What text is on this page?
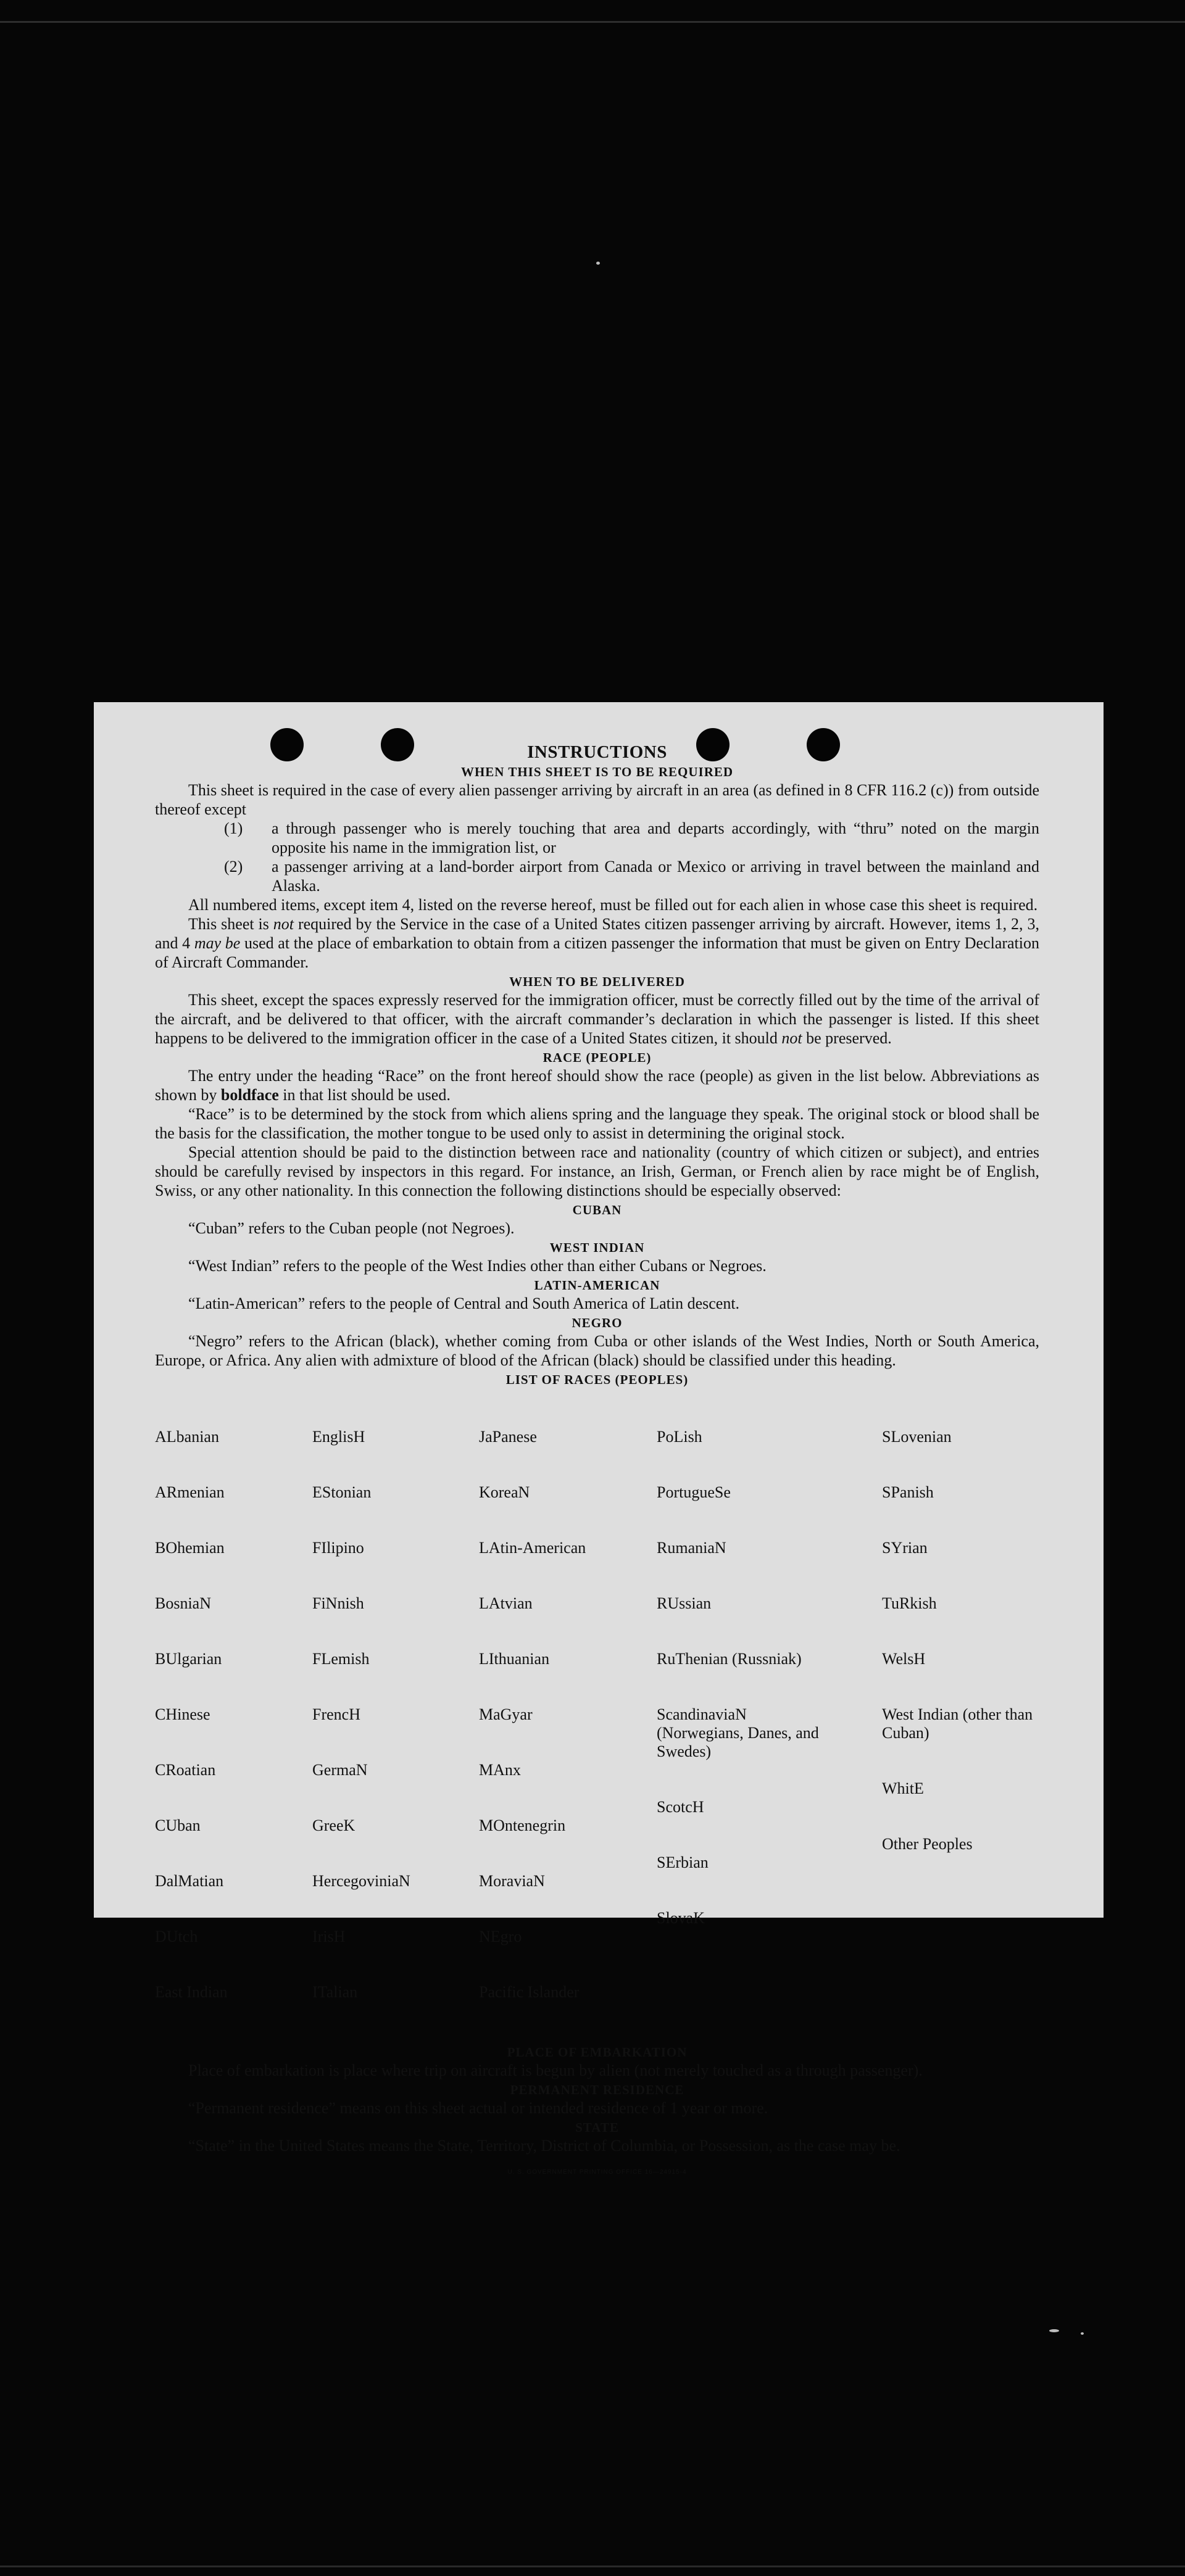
INSTRUCTIONS
WHEN THIS SHEET IS TO BE REQUIRED

This sheet is required in the case of every alien passenger arriving by aircraft in an area (as defined in 8 CFR 116.2 (c)) from outside thereof except

(1) a through passenger who is merely touching that area and departs accordingly, with “thru” noted on the margin opposite his name in the immigration list, or
(2) a passenger arriving at a land-border airport from Canada or Mexico or arriving in travel between the mainland and Alaska.

All numbered items, except item 4, listed on the reverse hereof, must be filled out for each alien in whose case this sheet is required.

This sheet is not required by the Service in the case of a United States citizen passenger arriving by aircraft. However, items 1, 2, 3, and 4 may be used at the place of embarkation to obtain from a citizen passenger the information that must be given on Entry Declaration of Aircraft Commander.

WHEN TO BE DELIVERED

This sheet, except the spaces expressly reserved for the immigration officer, must be correctly filled out by the time of the arrival of the aircraft, and be delivered to that officer, with the aircraft commander’s declaration in which the passenger is listed. If this sheet happens to be delivered to the immigration officer in the case of a United States citizen, it should not be preserved.

RACE (PEOPLE)

The entry under the heading “Race” on the front hereof should show the race (people) as given in the list below. Abbreviations as shown by boldface in that list should be used.

“Race” is to be determined by the stock from which aliens spring and the language they speak. The original stock or blood shall be the basis for the classification, the mother tongue to be used only to assist in determining the original stock.

Special attention should be paid to the distinction between race and nationality (country of which citizen or subject), and entries should be carefully revised by inspectors in this regard. For instance, an Irish, German, or French alien by race might be of English, Swiss, or any other nationality. In this connection the following distinctions should be especially observed:

CUBAN

“Cuban” refers to the Cuban people (not Negroes).

WEST INDIAN

“West Indian” refers to the people of the West Indies other than either Cubans or Negroes.

LATIN-AMERICAN

“Latin-American” refers to the people of Central and South America of Latin descent.

NEGRO

“Negro” refers to the African (black), whether coming from Cuba or other islands of the West Indies, North or South America, Europe, or Africa. Any alien with admixture of blood of the African (black) should be classified under this heading.

LIST OF RACES (PEOPLES)

ALbanian

ARmenian

BOhemian

BosniaN

BUlgarian

CHinese

CRoatian

CUban

DalMatian

DUtch

East Indian

EnglisH

EStonian

FIlipino

FiNnish

FLemish

FrencH

GermaN

GreeK

HercegoviniaN

IrisH

ITalian

JaPanese

KoreaN

LAtin-American

LAtvian

LIthuanian

MaGyar

MAnx

MOntenegrin

MoraviaN

NEgro

Pacific Islander

PoLish

PortugueSe

RumaniaN

RUssian

RuThenian (Russniak)

ScandinaviaN (Norwegians, Danes, and Swedes)

ScotcH

SErbian

SlovaK

SLovenian

SPanish

SYrian

TuRkish

WelsH

West Indian (other than Cuban)

WhitE

Other Peoples

PLACE OF EMBARKATION

Place of embarkation is place where trip on aircraft is begun by alien (not merely touched as a through passenger).

PERMANENT RESIDENCE

“Permanent residence” means on this sheet actual or intended residence of 1 year or more.

STATE

“State” in the United States means the State, Territory, District of Columbia, or Possession, as the case may be.

U. S. GOVERNMENT PRINTING OFFICE 16—24915-4
